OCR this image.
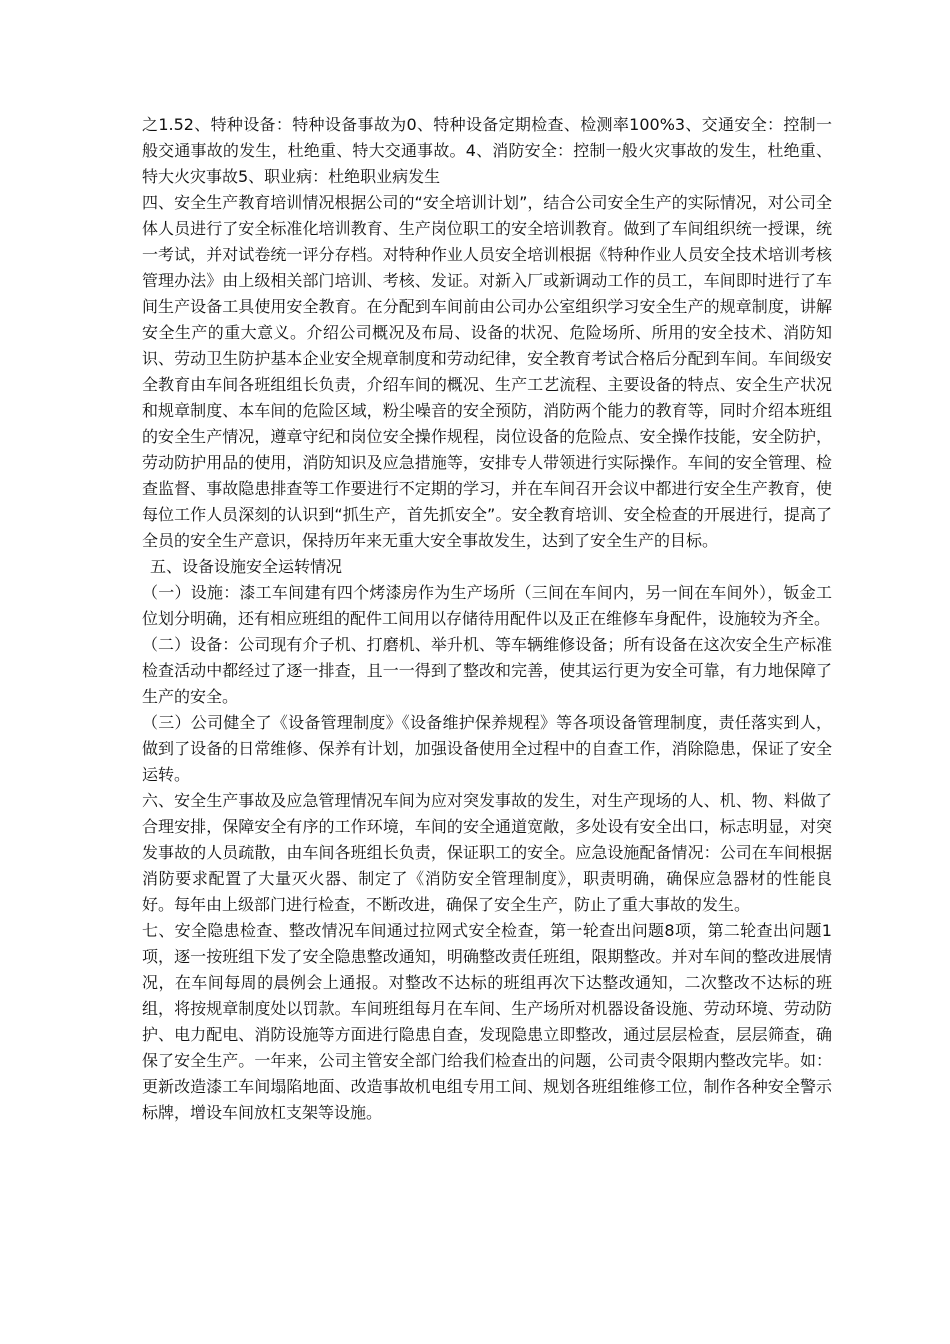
之1.52、特种设备：特种设备事故为0、特种设备定期检查、检测率100%3、交通安全：控制一般交通事故的发生，杜绝重、特大交通事故。4、消防安全：控制一般火灾事故的发生，杜绝重、特大火灾事故5、职业病：杜绝职业病发生

四、安全生产教育培训情况根据公司的“安全培训计划”，结合公司安全生产的实际情况，对公司全体人员进行了安全标准化培训教育、生产岗位职工的安全培训教育。做到了车间组织统一授课，统一考试，并对试卷统一评分存档。对特种作业人员安全培训根据《特种作业人员安全技术培训考核管理办法》由上级相关部门培训、考核、发证。对新入厂或新调动工作的员工，车间即时进行了车间生产设备工具使用安全教育。在分配到车间前由公司办公室组织学习安全生产的规章制度，讲解安全生产的重大意义。介绍公司概况及布局、设备的状况、危险场所、所用的安全技术、消防知识、劳动卫生防护基本企业安全规章制度和劳动纪律，安全教育考试合格后分配到车间。车间级安全教育由车间各班组组长负责，介绍车间的概况、生产工艺流程、主要设备的特点、安全生产状况和规章制度、本车间的危险区域，粉尘噪音的安全预防，消防两个能力的教育等，同时介绍本班组的安全生产情况，遵章守纪和岗位安全操作规程，岗位设备的危险点、安全操作技能，安全防护，劳动防护用品的使用，消防知识及应急措施等，安排专人带领进行实际操作。车间的安全管理、检查监督、事故隐患排查等工作要进行不定期的学习，并在车间召开会议中都进行安全生产教育，使每位工作人员深刻的认识到“抓生产，首先抓安全”。安全教育培训、安全检查的开展进行，提高了全员的安全生产意识，保持历年来无重大安全事故发生，达到了安全生产的目标。

五、设备设施安全运转情况

（一）设施：漆工车间建有四个烤漆房作为生产场所（三间在车间内，另一间在车间外），钣金工位划分明确，还有相应班组的配件工间用以存储待用配件以及正在维修车身配件，设施较为齐全。

（二）设备：公司现有介子机、打磨机、举升机、等车辆维修设备；所有设备在这次安全生产标准检查活动中都经过了逐一排查，且一一得到了整改和完善，使其运行更为安全可靠，有力地保障了生产的安全。

（三）公司健全了《设备管理制度》《设备维护保养规程》等各项设备管理制度，责任落实到人，做到了设备的日常维修、保养有计划，加强设备使用全过程中的自查工作，消除隐患，保证了安全运转。

六、安全生产事故及应急管理情况车间为应对突发事故的发生，对生产现场的人、机、物、料做了合理安排，保障安全有序的工作环境，车间的安全通道宽敞，多处设有安全出口，标志明显，对突发事故的人员疏散，由车间各班组长负责，保证职工的安全。应急设施配备情况：公司在车间根据消防要求配置了大量灭火器、制定了《消防安全管理制度》，职责明确，确保应急器材的性能良好。每年由上级部门进行检查，不断改进，确保了安全生产，防止了重大事故的发生。

七、安全隐患检查、整改情况车间通过拉网式安全检查，第一轮查出问题8项，第二轮查出问题1项，逐一按班组下发了安全隐患整改通知，明确整改责任班组，限期整改。并对车间的整改进展情况，在车间每周的晨例会上通报。对整改不达标的班组再次下达整改通知，二次整改不达标的班组，将按规章制度处以罚款。车间班组每月在车间、生产场所对机器设备设施、劳动环境、劳动防护、电力配电、消防设施等方面进行隐患自查，发现隐患立即整改，通过层层检查，层层筛查，确保了安全生产。一年来，公司主管安全部门给我们检查出的问题，公司责令限期内整改完毕。如：更新改造漆工车间塌陷地面、改造事故机电组专用工间、规划各班组维修工位，制作各种安全警示标牌，增设车间放杠支架等设施。
